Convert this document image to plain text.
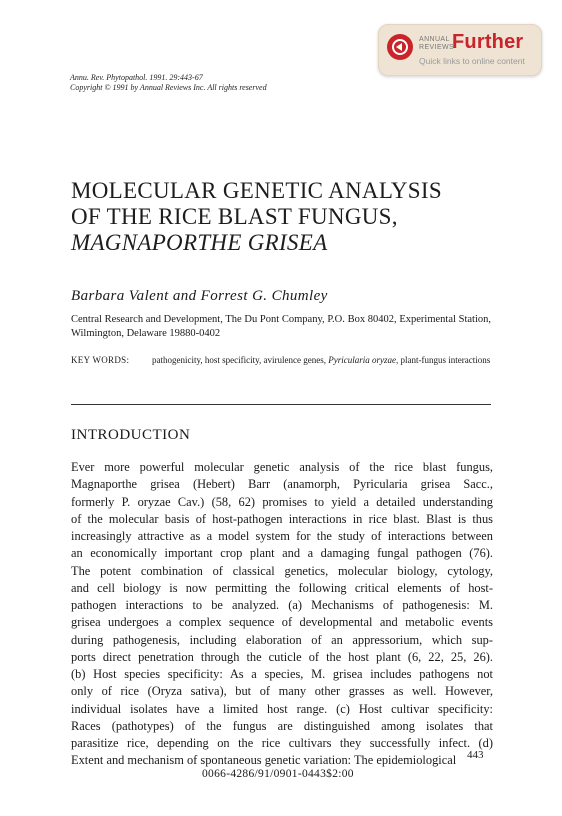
ANNUAL
REVIEWS
Further
Quick links to online content
Annu. Rev. Phytopathol. 1991. 29:443-67
Copyright © 1991 by Annual Reviews Inc. All rights reserved
MOLECULAR GENETIC ANALYSIS
OF THE RICE BLAST FUNGUS,
MAGNAPORTHE GRISEA
Barbara Valent and Forrest G. Chumley
Central Research and Development, The Du Pont Company, P.O. Box 80402, Experimental Station, Wilmington, Delaware 19880-0402
KEY WORDS:	pathogenicity, host specificity, avirulence genes, Pyricularia oryzae, plant-fungus interactions
INTRODUCTION
Ever more powerful molecular genetic analysis of the rice blast fungus,
Magnaporthe grisea (Hebert) Barr (anamorph, Pyricularia grisea Sacc.,
formerly P. oryzae Cav.) (58, 62) promises to yield a detailed understanding
of the molecular basis of host-pathogen interactions in rice blast. Blast is thus
increasingly attractive as a model system for the study of interactions between
an economically important crop plant and a damaging fungal pathogen (76).
The potent combination of classical genetics, molecular biology, cytology,
and cell biology is now permitting the following critical elements of host-
pathogen interactions to be analyzed. (a) Mechanisms of pathogenesis: M.
grisea undergoes a complex sequence of developmental and metabolic events
during pathogenesis, including elaboration of an appressorium, which sup-
ports direct penetration through the cuticle of the host plant (6, 22, 25, 26).
(b) Host species specificity: As a species, M. grisea includes pathogens not
only of rice (Oryza sativa), but of many other grasses as well. However,
individual isolates have a limited host range. (c) Host cultivar specificity:
Races (pathotypes) of the fungus are distinguished among isolates that
parasitize rice, depending on the rice cultivars they successfully infect. (d)
Extent and mechanism of spontaneous genetic variation: The epidemiological 443
0066-4286/91/0901-0443$2:00
